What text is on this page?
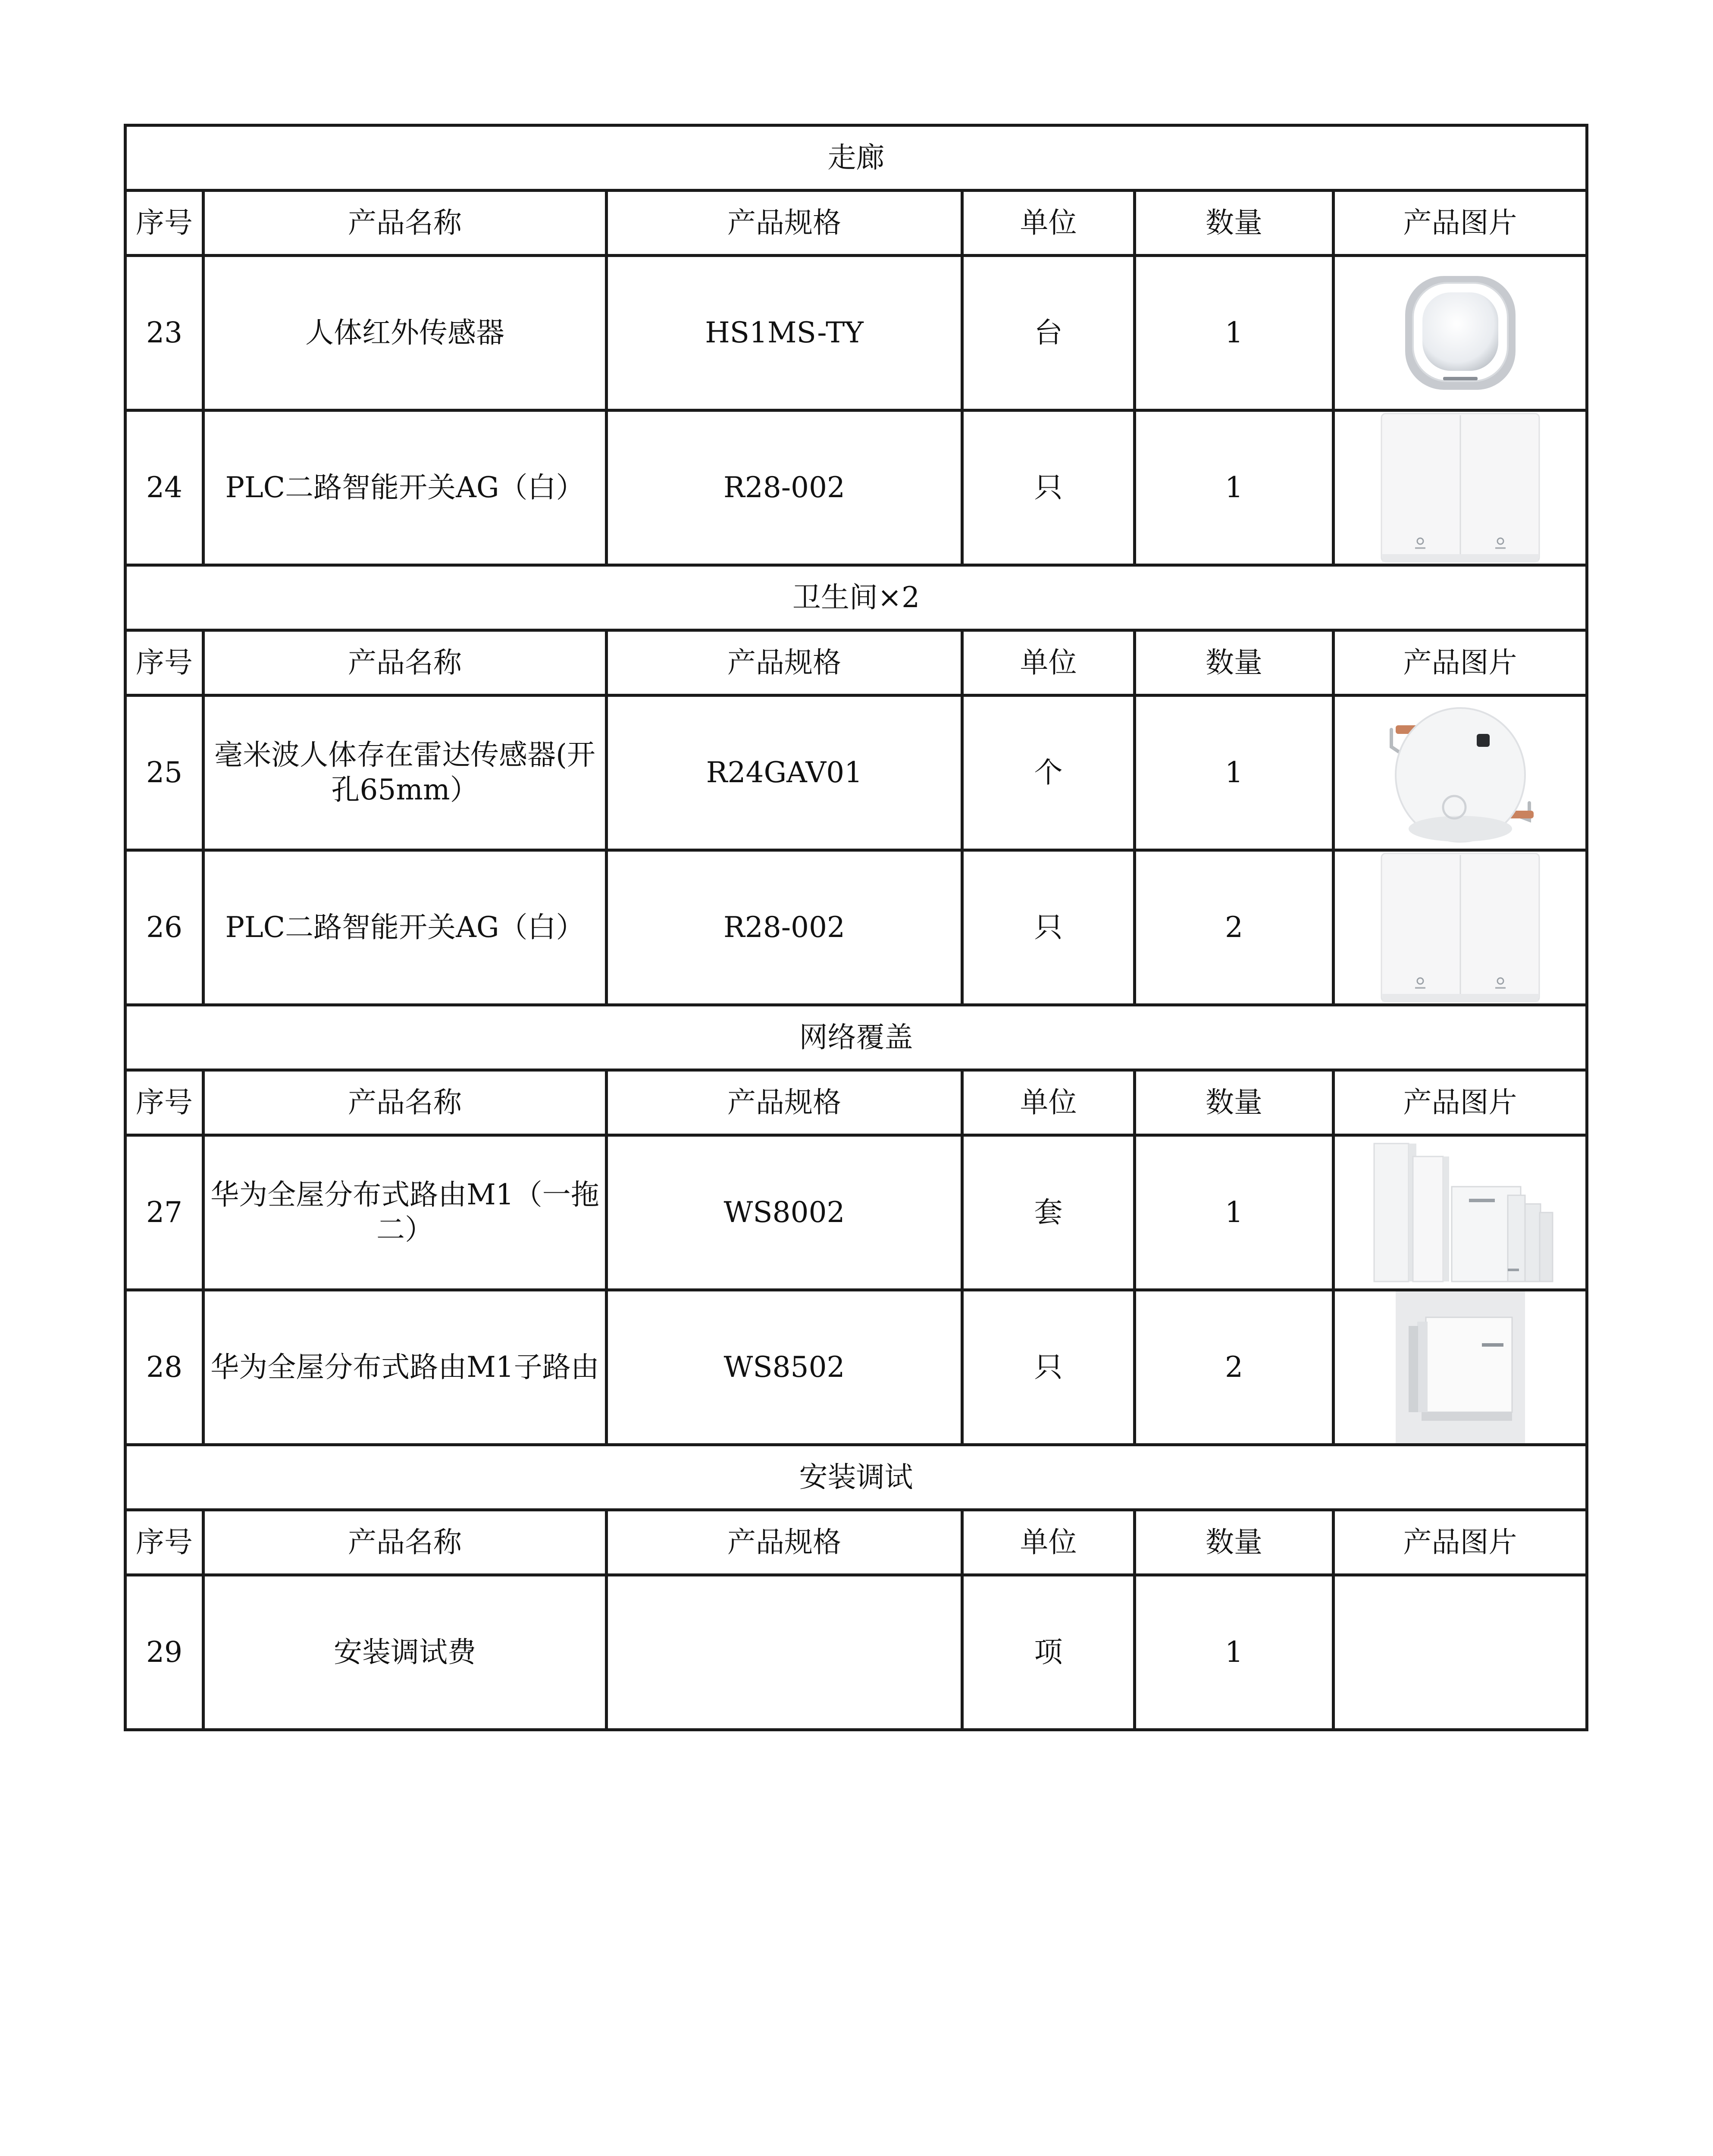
走廊					
序号	产品名称	产品规格	单位	数量	产品图片
23	人体红外传感器	HS1MS-TY	台	1	

24	PLC二路智能开关AG（白）	R28-002	只	1	

卫生间×2					
序号	产品名称	产品规格	单位	数量	产品图片
25	毫米波人体存在雷达传感器(开孔65mm）	R24GAV01	个	1	

26	PLC二路智能开关AG（白）	R28-002	只	2	

网络覆盖					
序号	产品名称	产品规格	单位	数量	产品图片
27	华为全屋分布式路由M1（一拖二）	WS8002	套	1	

28	华为全屋分布式路由M1子路由	WS8502	只	2	

安装调试					
序号	产品名称	产品规格	单位	数量	产品图片
29	安装调试费		项	1	
